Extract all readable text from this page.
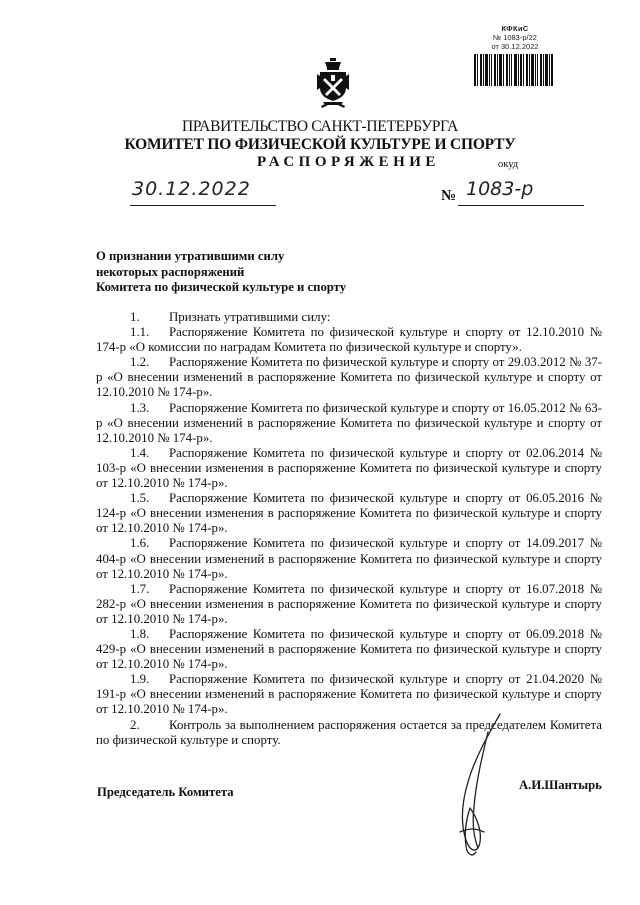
КФКиС
№ 1083-р/22
от 30.12.2022
ПРАВИТЕЛЬСТВО САНКТ-ПЕТЕРБУРГА
КОМИТЕТ ПО ФИЗИЧЕСКОЙ КУЛЬТУРЕ И СПОРТУ
РАСПОРЯЖЕНИЕ	окуд
30.12.2022	№ 1083-р
О признании утратившими силу
некоторых распоряжений
Комитета по физической культуре и спорту

1. Признать утратившими силу:

1.1. Распоряжение Комитета по физической культуре и спорту от 12.10.2010 № 174-р «О комиссии по наградам Комитета по физической культуре и спорту».

1.2. Распоряжение Комитета по физической культуре и спорту от 29.03.2012 № 37-р «О внесении изменений в распоряжение Комитета по физической культуре и спорту от 12.10.2010 № 174-р».

1.3. Распоряжение Комитета по физической культуре и спорту от 16.05.2012 № 63-р «О внесении изменений в распоряжение Комитета по физической культуре и спорту от 12.10.2010 № 174-р».

1.4. Распоряжение Комитета по физической культуре и спорту от 02.06.2014 № 103-р «О внесении изменения в распоряжение Комитета по физической культуре и спорту от 12.10.2010 № 174-р».

1.5. Распоряжение Комитета по физической культуре и спорту от 06.05.2016 № 124-р «О внесении изменения в распоряжение Комитета по физической культуре и спорту от 12.10.2010 № 174-р».

1.6. Распоряжение Комитета по физической культуре и спорту от 14.09.2017 № 404-р «О внесении изменений в распоряжение Комитета по физической культуре и спорту от 12.10.2010 № 174-р».

1.7. Распоряжение Комитета по физической культуре и спорту от 16.07.2018 № 282-р «О внесении изменения в распоряжение Комитета по физической культуре и спорту от 12.10.2010 № 174-р».

1.8. Распоряжение Комитета по физической культуре и спорту от 06.09.2018 № 429-р «О внесении изменений в распоряжение Комитета по физической культуре и спорту от 12.10.2010 № 174-р».

1.9. Распоряжение Комитета по физической культуре и спорту от 21.04.2020 № 191-р «О внесении изменений в распоряжение Комитета по физической культуре и спорту от 12.10.2010 № 174-р».

2. Контроль за выполнением распоряжения остается за председателем Комитета по физической культуре и спорту.

Председатель Комитета	А.И.Шантырь
